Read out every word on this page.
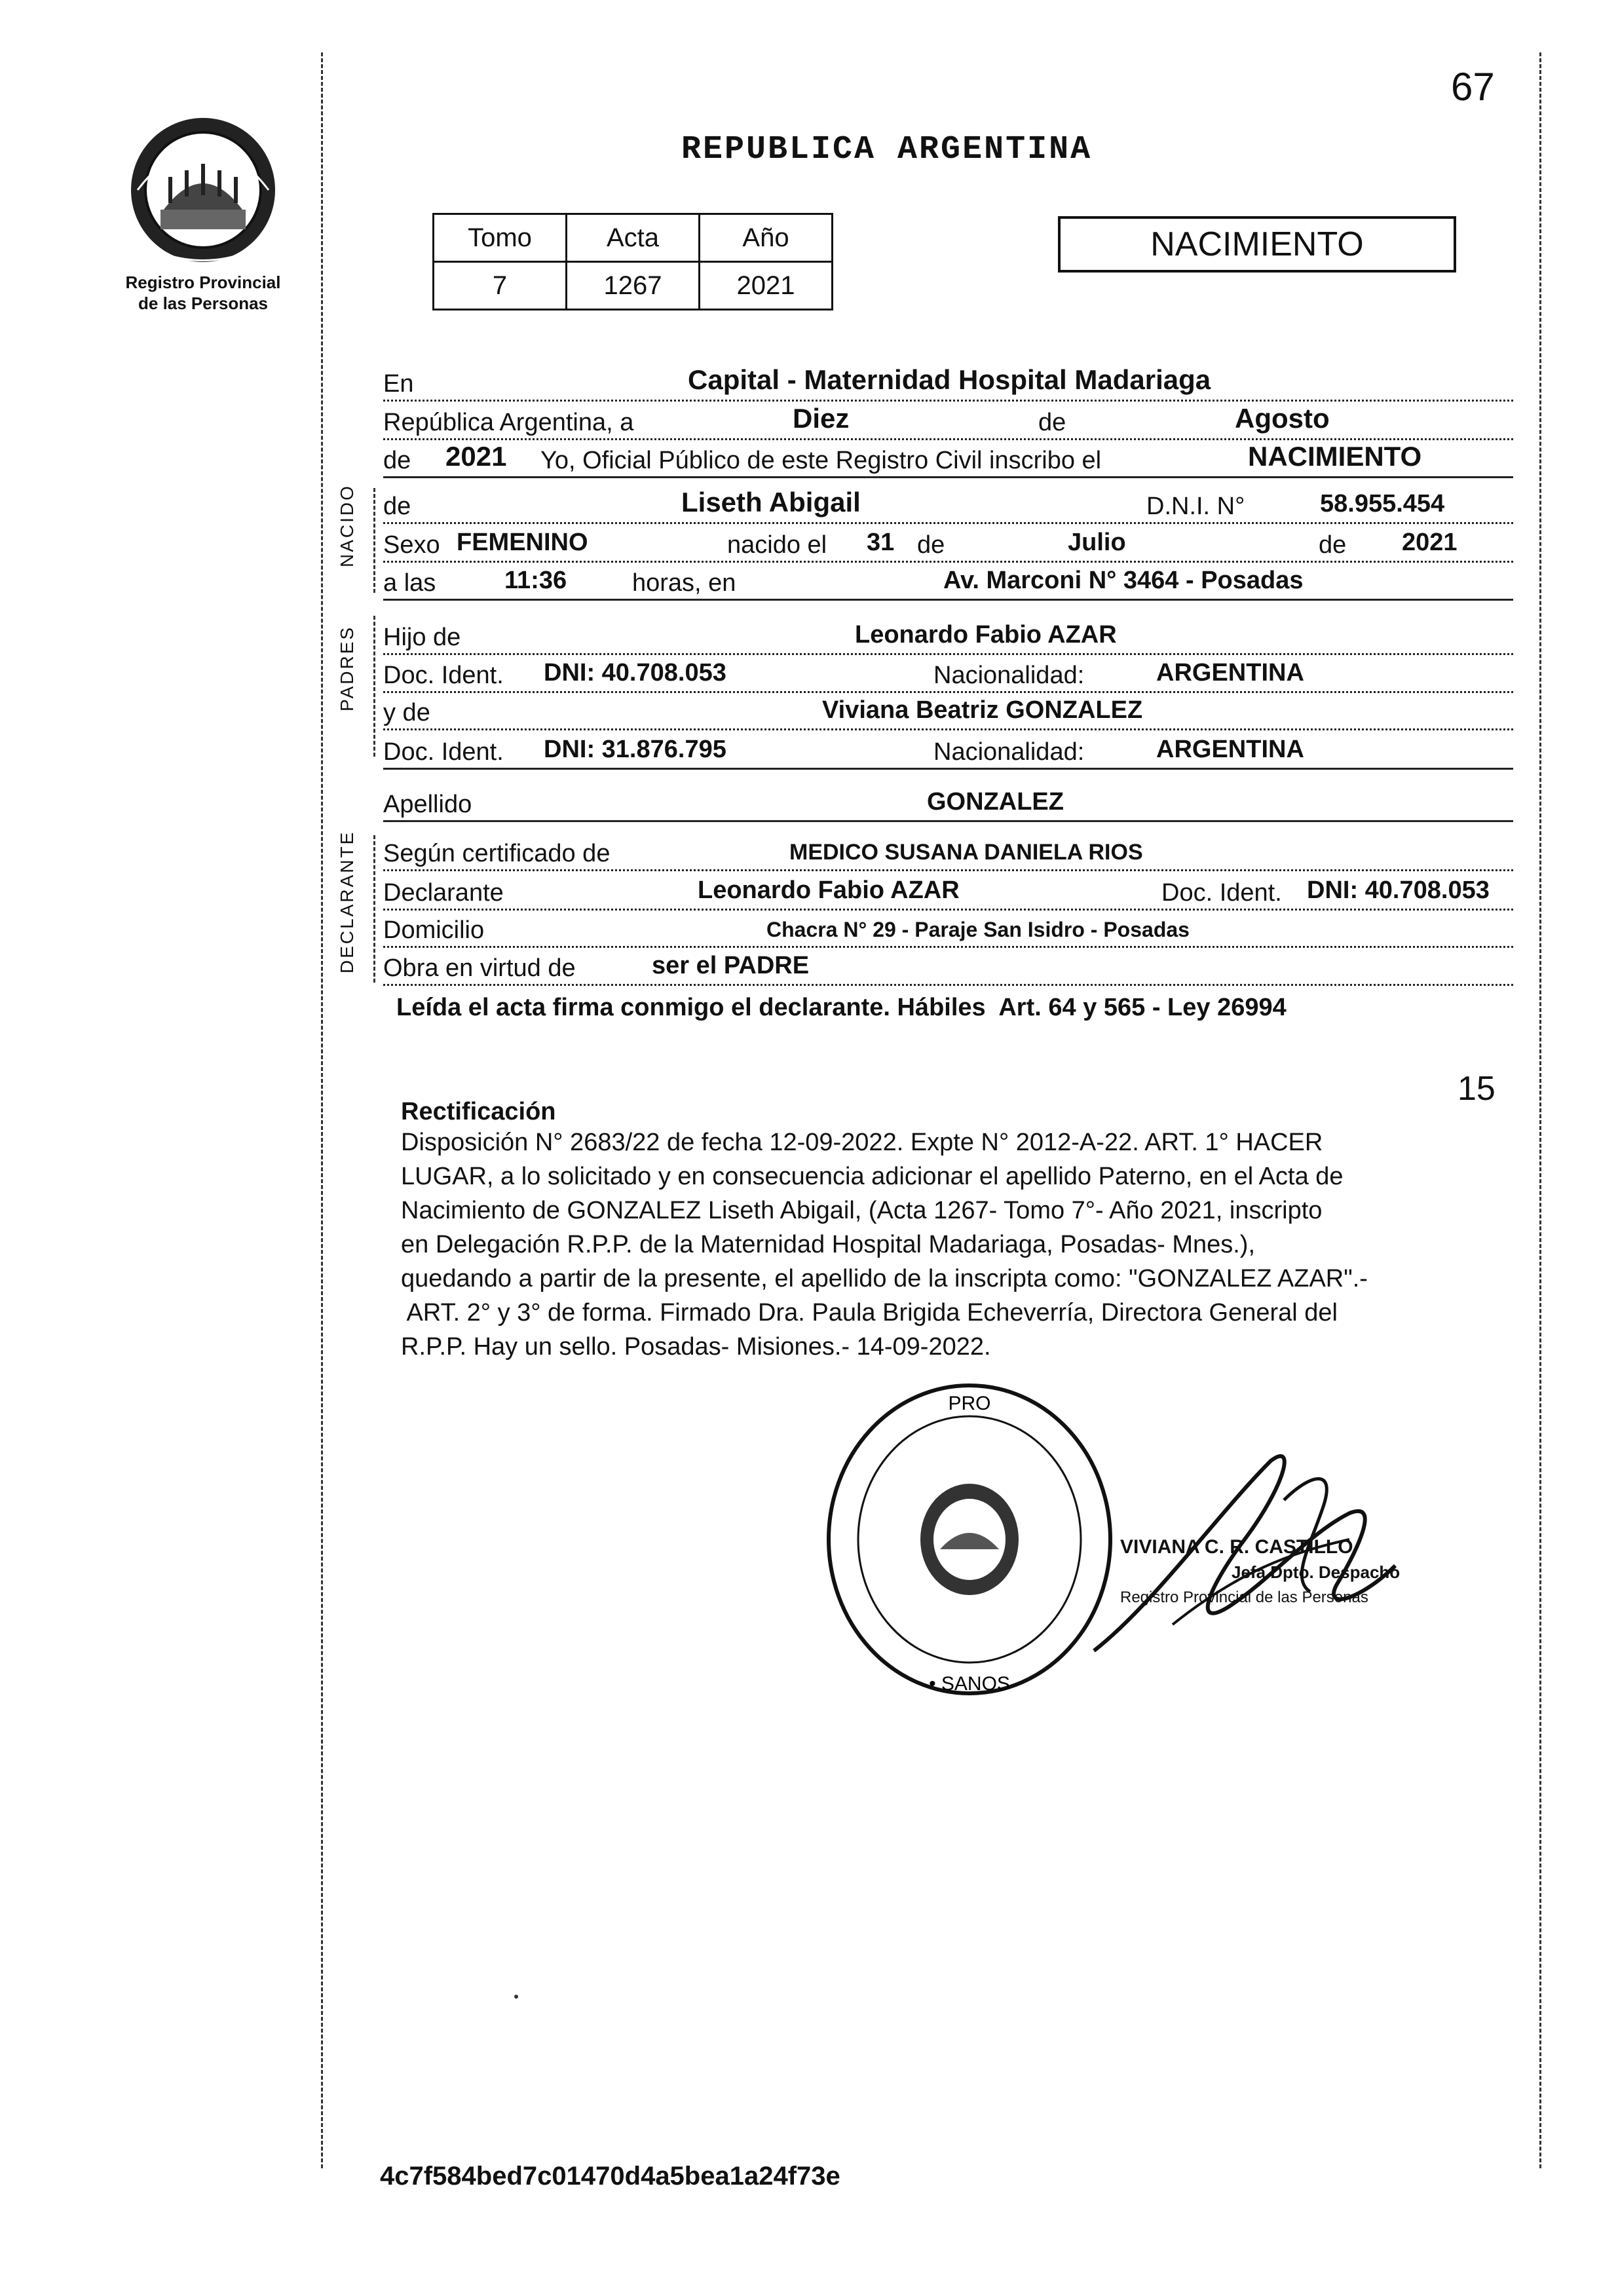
Registro Provincial
de las Personas
67
REPUBLICA ARGENTINA
Tomo	Acta	Año
7	1267	2021
NACIMIENTO
En	Capital - Maternidad Hospital Madariaga
República Argentina, a	Diez	de	Agosto
de 2021 Yo, Oficial Público de este Registro Civil inscribo el	NACIMIENTO
NACIDO de	Liseth Abigail	D.N.I. N°	58.955.454
Sexo FEMENINO	nacido el 31 de	Julio	de 2021
a las	11:36	horas, en	Av. Marconi N° 3464 - Posadas
PADRES Hijo de	Leonardo Fabio AZAR
Doc. Ident. DNI: 40.708.053	Nacionalidad:	ARGENTINA
y de	Viviana Beatriz GONZALEZ
Doc. Ident. DNI: 31.876.795	Nacionalidad:	ARGENTINA
Apellido	GONZALEZ
DECLARANTE Según certificado de	MEDICO SUSANA DANIELA RIOS
Declarante	Leonardo Fabio AZAR	Doc. Ident. DNI: 40.708.053
Domicilio	Chacra N° 29 - Paraje San Isidro - Posadas
Obra en virtud de	ser el PADRE
Leída el acta firma conmigo el declarante. Hábiles  Art. 64 y 565 - Ley 26994
15
Rectificación
Disposición N° 2683/22 de fecha 12-09-2022. Expte N° 2012-A-22. ART. 1° HACER
LUGAR, a lo solicitado y en consecuencia adicionar el apellido Paterno, en el Acta de
Nacimiento de GONZALEZ Liseth Abigail, (Acta 1267- Tomo 7°- Año 2021, inscripto
en Delegación R.P.P. de la Maternidad Hospital Madariaga, Posadas- Mnes.),
quedando a partir de la presente, el apellido de la inscripta como: "GONZALEZ AZAR".-
ART. 2° y 3° de forma. Firmado Dra. Paula Brigida Echeverría, Directora General del
R.P.P. Hay un sello. Posadas- Misiones.- 14-09-2022.
PRO
• SANOS
VIVIANA C. R. CASTILLO
Jefa Dpto. Despacho
Registro Provincial de las Personas
4c7f584bed7c01470d4a5bea1a24f73e
